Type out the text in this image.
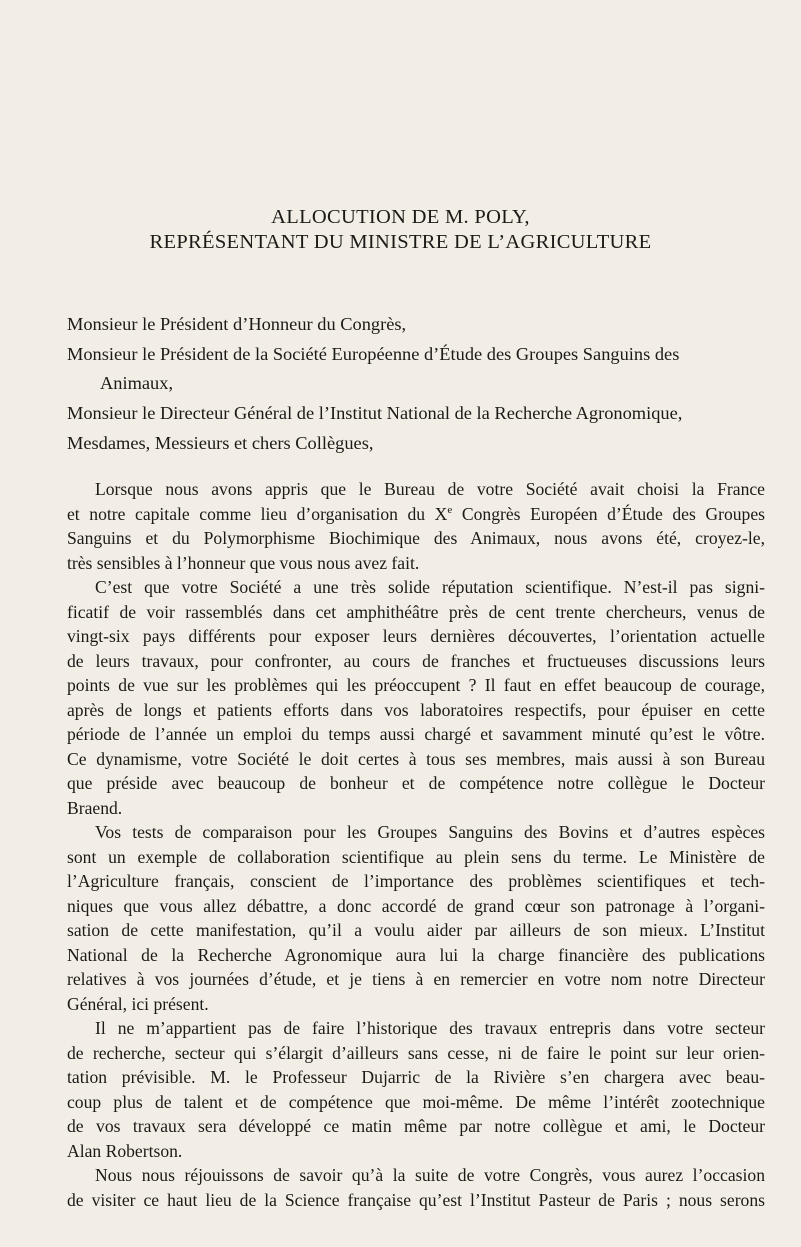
ALLOCUTION DE M. POLY,
REPRÉSENTANT DU MINISTRE DE L’AGRICULTURE

Monsieur le Président d’Honneur du Congrès,

Monsieur le Président de la Société Européenne d’Étude des Groupes Sanguins des

Animaux,

Monsieur le Directeur Général de l’Institut National de la Recherche Agronomique,

Mesdames, Messieurs et chers Collègues,

Lorsque nous avons appris que le Bureau de votre Société avait choisi la France
et notre capitale comme lieu d’organisation du Xe Congrès Européen d’Étude des Groupes
Sanguins et du Polymorphisme Biochimique des Animaux, nous avons été, croyez-le,
très sensibles à l’honneur que vous nous avez fait.
C’est que votre Société a une très solide réputation scientifique. N’est-il pas signi-
ficatif de voir rassemblés dans cet amphithéâtre près de cent trente chercheurs, venus de
vingt-six pays différents pour exposer leurs dernières découvertes, l’orientation actuelle
de leurs travaux, pour confronter, au cours de franches et fructueuses discussions leurs
points de vue sur les problèmes qui les préoccupent ? Il faut en effet beaucoup de courage,
après de longs et patients efforts dans vos laboratoires respectifs, pour épuiser en cette
période de l’année un emploi du temps aussi chargé et savamment minuté qu’est le vôtre.
Ce dynamisme, votre Société le doit certes à tous ses membres, mais aussi à son Bureau
que préside avec beaucoup de bonheur et de compétence notre collègue le Docteur
Braend.
Vos tests de comparaison pour les Groupes Sanguins des Bovins et d’autres espèces
sont un exemple de collaboration scientifique au plein sens du terme. Le Ministère de
l’Agriculture français, conscient de l’importance des problèmes scientifiques et tech-
niques que vous allez débattre, a donc accordé de grand cœur son patronage à l’organi-
sation de cette manifestation, qu’il a voulu aider par ailleurs de son mieux. L’Institut
National de la Recherche Agronomique aura lui la charge financière des publications
relatives à vos journées d’étude, et je tiens à en remercier en votre nom notre Directeur
Général, ici présent.
Il ne m’appartient pas de faire l’historique des travaux entrepris dans votre secteur
de recherche, secteur qui s’élargit d’ailleurs sans cesse, ni de faire le point sur leur orien-
tation prévisible. M. le Professeur Dujarric de la Rivière s’en chargera avec beau-
coup plus de talent et de compétence que moi-même. De même l’intérêt zootechnique
de vos travaux sera développé ce matin même par notre collègue et ami, le Docteur
Alan Robertson.
Nous nous réjouissons de savoir qu’à la suite de votre Congrès, vous aurez l’occasion
de visiter ce haut lieu de la Science française qu’est l’Institut Pasteur de Paris ; nous serons
